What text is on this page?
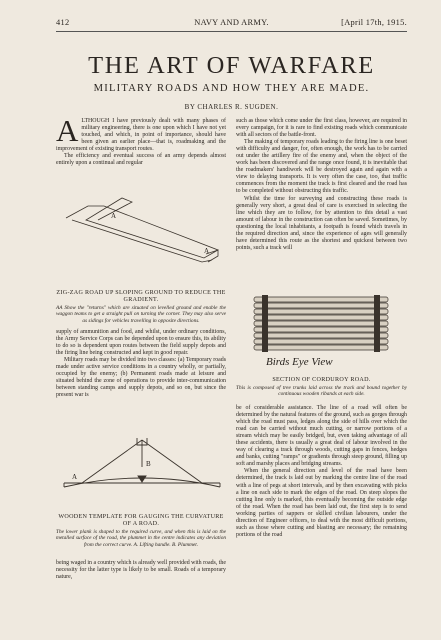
412	NAVY AND ARMY.	[April 17th, 1915.
THE ART OF WARFARE
MILITARY ROADS AND HOW THEY ARE MADE.
BY CHARLES R. SUGDEN.

ALTHOUGH I have previously dealt with many phases of military engineering, there is one upon which I have not yet touched, and which, in point of importance, should have been given an earlier place—that is, roadmaking and the improvement of existing transport routes.

The efficiency and eventual success of an army depends almost entirely upon a continual and regular

A
A
ZIG-ZAG ROAD UP SLOPING GROUND TO REDUCE THE GRADIENT.
AA Show the "returns" which are situated on levelled ground and enable the waggon teams to get a straight pull on turning the corner. They may also serve as sidings for vehicles travelling in opposite directions.

supply of ammunition and food, and whilst, under ordinary conditions, the Army Service Corps can be depended upon to ensure this, its ability to do so is dependent upon routes between the field supply depots and the firing line being constructed and kept in good repair.

Military roads may be divided into two classes: (a) Temporary roads made under active service conditions in a country wholly, or partially, occupied by the enemy; (b) Permanent roads made at leisure and situated behind the zone of operations to provide inter-communication between standing camps and supply depots, and so on, but since the present war is

A
B
WOODEN TEMPLATE FOR GAUGING THE CURVATURE OF A ROAD.
The lower plank is shaped to the required curve, and when this is laid on the metalled surface of the road, the plummet in the centre indicates any deviation from the correct curve. A. Lifting handle. B. Plummet.

being waged in a country which is already well provided with roads, the necessity for the latter type is likely to be small. Roads of a temporary nature,

such as those which come under the first class, however, are required in every campaign, for it is rare to find existing roads which communicate with all sectors of the battle-front.

The making of temporary roads leading to the firing line is one beset with difficulty and danger, for, often enough, the work has to be carried out under the artillery fire of the enemy and, when the object of the work has been discovered and the range once found, it is inevitable that the roadmakers' handiwork will be destroyed again and again with a view to delaying transports. It is very often the case, too, that traffic commences from the moment the track is first cleared and the road has to be completed without obstructing this traffic.

Whilst the time for surveying and constructing these roads is generally very short, a great deal of care is exercised in selecting the line which they are to follow, for by attention to this detail a vast amount of labour in the construction can often be saved. Sometimes, by questioning the local inhabitants, a footpath is found which travels in the required direction and, since the experience of ages will generally have determined this route as the shortest and quickest between two points, such a track will

Birds Eye View
SECTION OF CORDUROY ROAD.
This is composed of tree trunks laid across the track and bound together by continuous wooden ribands at each side.

be of considerable assistance. The line of a road will often be determined by the natural features of the ground, such as gorges through which the road must pass, ledges along the side of hills over which the road can be carried without much cutting, or narrow portions of a stream which may be easily bridged, but, even taking advantage of all these accidents, there is usually a great deal of labour involved in the way of clearing a track through woods, cutting gaps in fences, hedges and banks, cutting "ramps" or gradients through steep ground, filling up soft and marshy places and bridging streams.

When the general direction and level of the road have been determined, the track is laid out by marking the centre line of the road with a line of pegs at short intervals, and by then excavating with picks a line on each side to mark the edges of the road. On steep slopes the cutting line only is marked, this eventually becoming the outside edge of the road. When the road has been laid out, the first step is to send working parties of sappers or skilled civilian labourers, under the direction of Engineer officers, to deal with the most difficult portions, such as those where cutting and blasting are necessary; the remaining portions of the road
